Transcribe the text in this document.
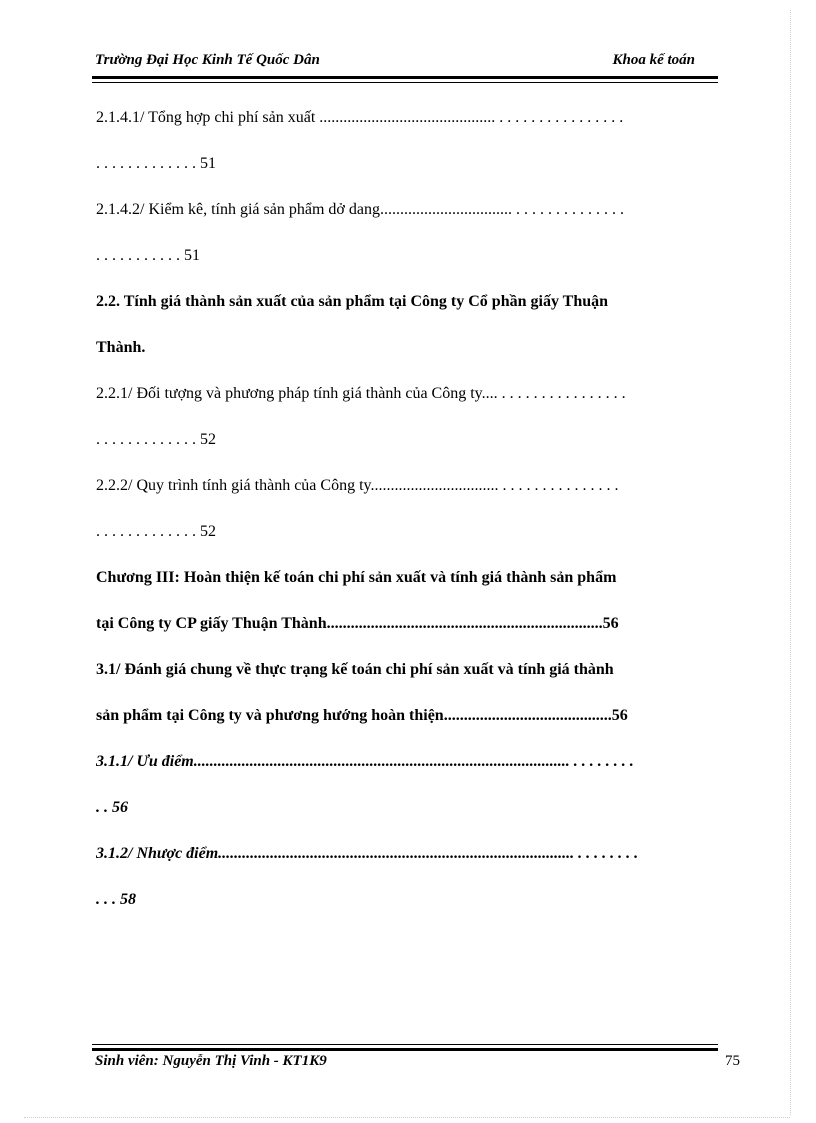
Trường Đại Học Kinh Tế Quốc Dân	Khoa kế toán
2.1.4.1/ Tổng hợp chi phí sản xuất ............................................ . . . . . . . . . . . . . . . .
. . . . . . . . . . . . . 51
2.1.4.2/ Kiểm kê, tính giá sản phẩm dở dang................................. . . . . . . . . . . . . . .
. . . . . . . . . . . 51
2.2. Tính giá thành sản xuất của sản phẩm tại Công ty Cổ phần giấy Thuận
Thành.
2.2.1/ Đối tượng và phương pháp tính giá thành của Công ty.... . . . . . . . . . . . . . . . .
. . . . . . . . . . . . . 52
2.2.2/ Quy trình tính giá thành của Công ty................................ . . . . . . . . . . . . . . .
. . . . . . . . . . . . . 52
Chương III: Hoàn thiện kế toán chi phí sản xuất và tính giá thành sản phẩm
tại Công ty CP giấy Thuận Thành.....................................................................56
3.1/ Đánh giá chung về thực trạng kế toán chi phí sản xuất và tính giá thành
sản phẩm tại Công ty và phương hướng hoàn thiện..........................................56
3.1.1/ Ưu điểm.............................................................................................. . . . . . . . .
. . 56
3.1.2/ Nhược điểm......................................................................................... . . . . . . . .
. . . 58
Sinh viên: Nguyễn Thị Vinh - KT1K9	75
